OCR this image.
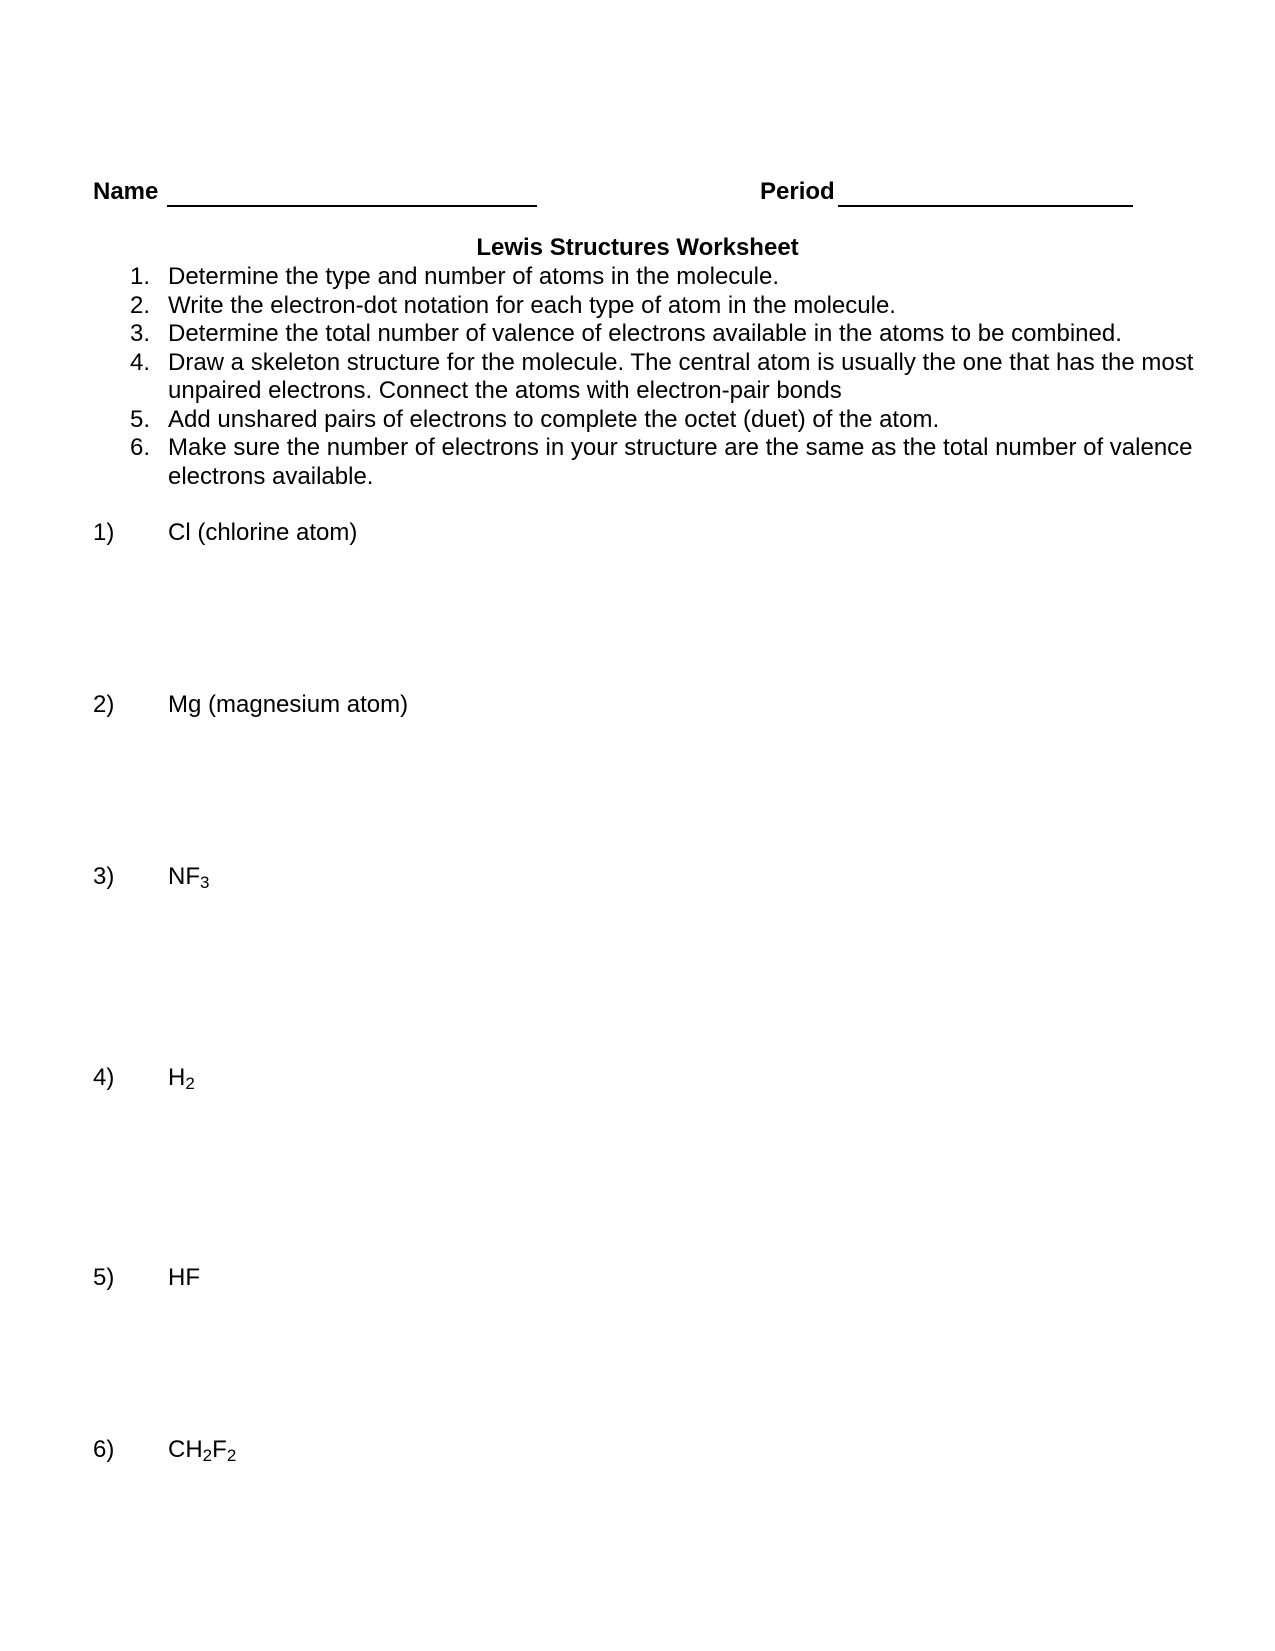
Name	Period
Lewis Structures Worksheet
1. Determine the type and number of atoms in the molecule.
2. Write the electron-dot notation for each type of atom in the molecule.
3. Determine the total number of valence of electrons available in the atoms to be combined.
4. Draw a skeleton structure for the molecule. The central atom is usually the one that has the most unpaired electrons. Connect the atoms with electron-pair bonds
5. Add unshared pairs of electrons to complete the octet (duet) of the atom.
6. Make sure the number of electrons in your structure are the same as the total number of valence electrons available.
1)	Cl (chlorine atom)
2)	Mg (magnesium atom)
3)	$NF_3$
4)	$H_2$
5)	HF
6)	$CH_2F_2$
